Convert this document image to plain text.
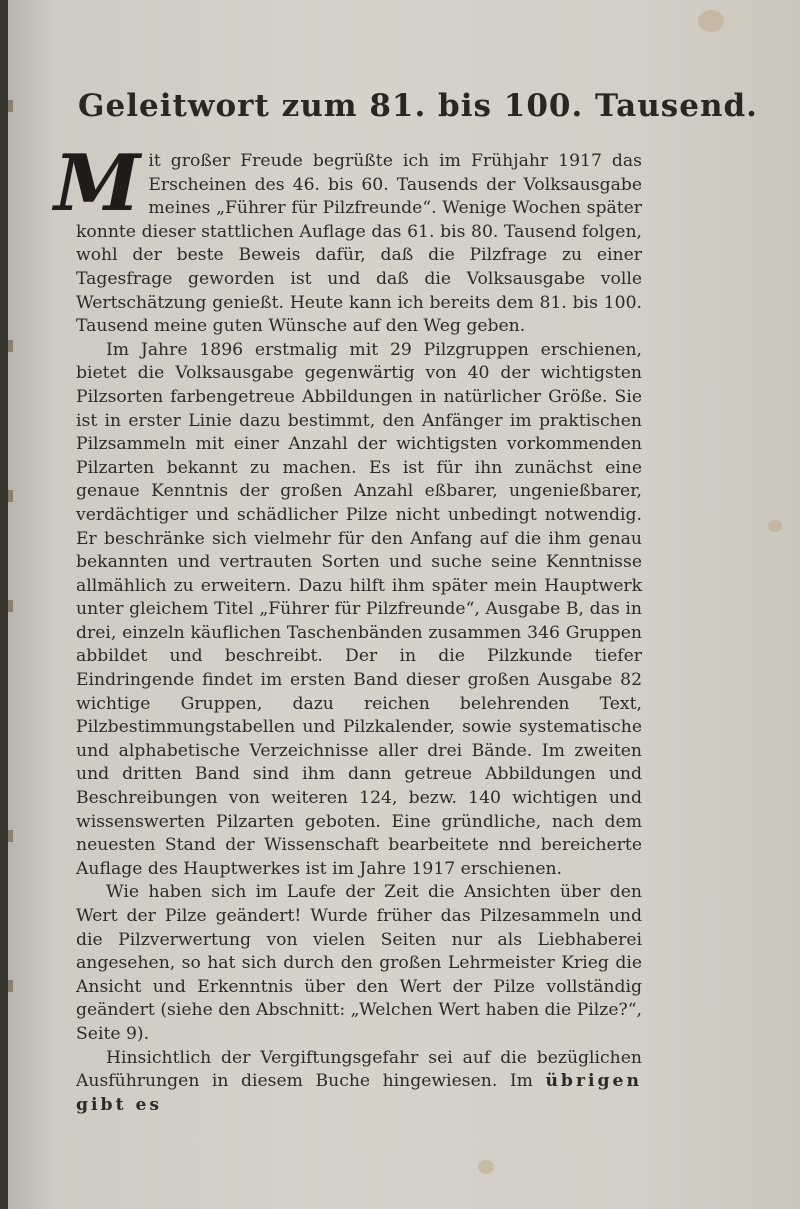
Geleitwort zum 81. bis 100. Tausend.

Mit großer Freude begrüßte ich im Frühjahr 1917 das Erscheinen des 46. bis 60. Tausends der Volksausgabe meines „Führer für Pilzfreunde“. Wenige Wochen später konnte dieser stattlichen Auflage das 61. bis 80. Tausend folgen, wohl der beste Beweis dafür, daß die Pilzfrage zu einer Tagesfrage geworden ist und daß die Volksausgabe volle Wertschätzung genießt. Heute kann ich bereits dem 81. bis 100. Tausend meine guten Wünsche auf den Weg geben.

Im Jahre 1896 erstmalig mit 29 Pilzgruppen erschienen, bietet die Volksausgabe gegenwärtig von 40 der wichtigsten Pilzsorten farbengetreue Abbildungen in natürlicher Größe. Sie ist in erster Linie dazu bestimmt, den Anfänger im praktischen Pilzsammeln mit einer Anzahl der wichtigsten vorkommenden Pilzarten bekannt zu machen. Es ist für ihn zunächst eine genaue Kenntnis der großen Anzahl eßbarer, ungenießbarer, verdächtiger und schädlicher Pilze nicht unbedingt notwendig. Er beschränke sich vielmehr für den Anfang auf die ihm genau bekannten und vertrauten Sorten und suche seine Kenntnisse allmählich zu erweitern. Dazu hilft ihm später mein Hauptwerk unter gleichem Titel „Führer für Pilzfreunde“, Ausgabe B, das in drei, einzeln käuflichen Taschenbänden zusammen 346 Gruppen abbildet und beschreibt. Der in die Pilzkunde tiefer Eindringende findet im ersten Band dieser großen Ausgabe 82 wichtige Gruppen, dazu reichen belehrenden Text, Pilzbestimmungstabellen und Pilzkalender, sowie systematische und alphabetische Verzeichnisse aller drei Bände. Im zweiten und dritten Band sind ihm dann getreue Abbildungen und Beschreibungen von weiteren 124, bezw. 140 wichtigen und wissenswerten Pilzarten geboten. Eine gründliche, nach dem neuesten Stand der Wissenschaft bearbeitete nnd bereicherte Auflage des Hauptwerkes ist im Jahre 1917 erschienen.

Wie haben sich im Laufe der Zeit die Ansichten über den Wert der Pilze geändert! Wurde früher das Pilzesammeln und die Pilzverwertung von vielen Seiten nur als Liebhaberei angesehen, so hat sich durch den großen Lehrmeister Krieg die Ansicht und Erkenntnis über den Wert der Pilze vollständig geändert (siehe den Abschnitt: „Welchen Wert haben die Pilze?“, Seite 9).

Hinsichtlich der Vergiftungsgefahr sei auf die bezüglichen Ausführungen in diesem Buche hingewiesen. Im übrigen gibt es
